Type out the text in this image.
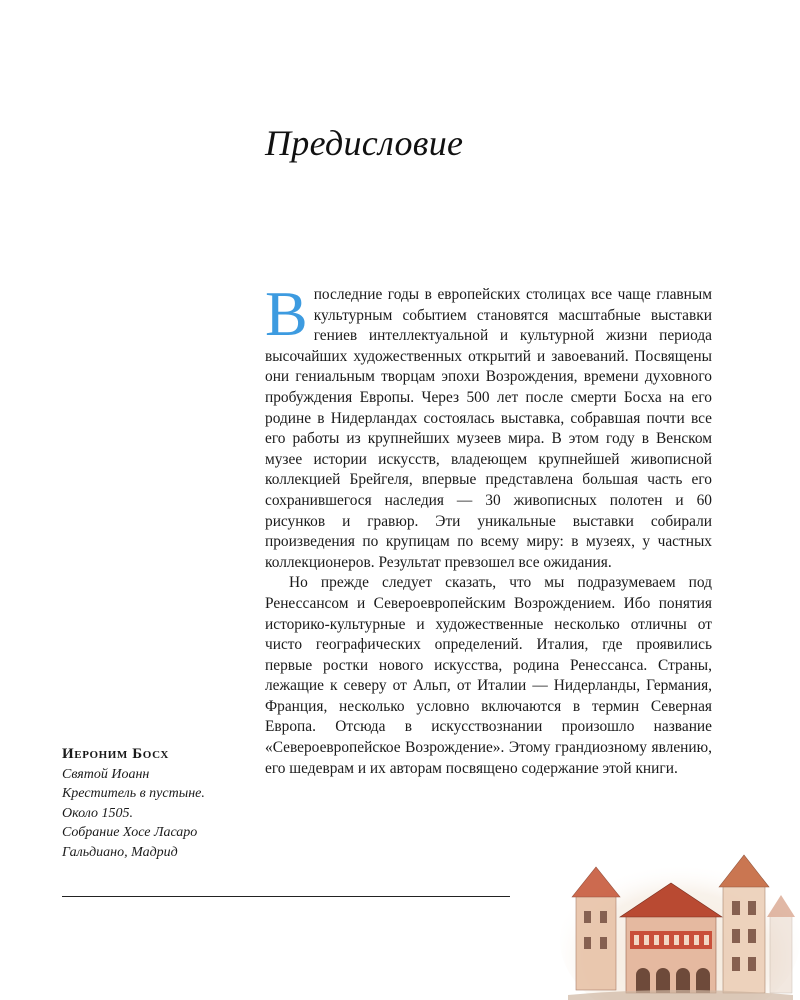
Предисловие

Впоследние годы в европейских столицах все чаще главным культурным событием становятся масштабные выставки гениев интеллектуальной и культурной жизни периода высочайших художественных открытий и завоеваний. Посвящены они гениальным творцам эпохи Возрождения, времени духовного пробуждения Европы. Через 500 лет после смерти Босха на его родине в Нидерландах состоялась выставка, собравшая почти все его работы из крупнейших музеев мира. В этом году в Венском музее истории искусств, владеющем крупнейшей живописной коллекцией Брейгеля, впервые представлена большая часть его сохранившегося наследия — 30 живописных полотен и 60 рисунков и гравюр. Эти уникальные выставки собирали произведения по крупицам по всему миру: в музеях, у частных коллекционеров. Результат превзошел все ожидания.

Но прежде следует сказать, что мы подразумеваем под Ренессансом и Североевропейским Возрождением. Ибо понятия историко-культурные и художественные несколько отличны от чисто географических определений. Италия, где проявились первые ростки нового искусства, родина Ренессанса. Страны, лежащие к северу от Альп, от Италии — Нидерланды, Германия, Франция, несколько условно включаются в термин Северная Европа. Отсюда в искусствознании произошло название «Североевропейское Возрождение». Этому грандиозному явлению, его шедеврам и их авторам посвящено содержание этой книги.

Иероним Босх
Святой Иоанн
Креститель в пустыне.
Около 1505.
Собрание Хосе Ласаро
Гальдиано, Мадрид
